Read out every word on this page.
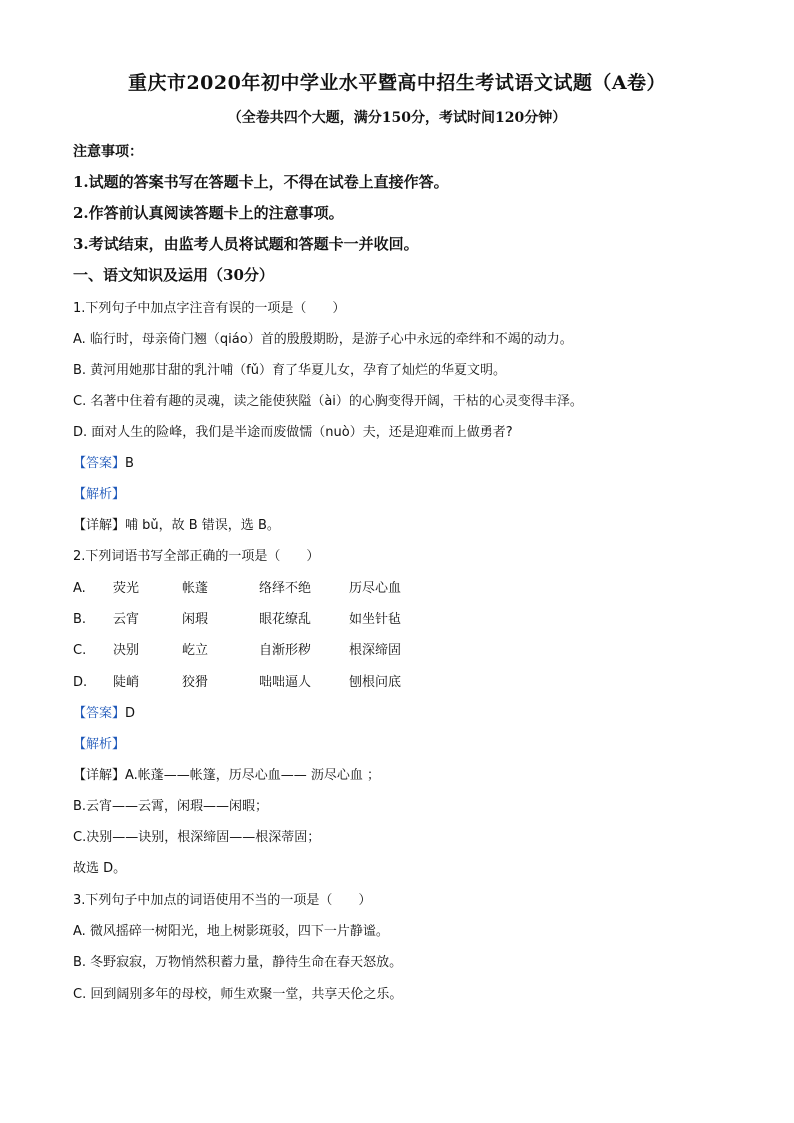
重庆市2020年初中学业水平暨高中招生考试语文试题（A卷）
（全卷共四个大题，满分150分，考试时间120分钟）
注意事项：
1.试题的答案书写在答题卡上，不得在试卷上直接作答。
2.作答前认真阅读答题卡上的注意事项。
3.考试结束，由监考人员将试题和答题卡一并收回。
一、语文知识及运用（30分）
1.下列句子中加点字注音有误的一项是（　　）
A. 临行时，母亲倚门翘（qiáo）首的殷殷期盼，是游子心中永远的牵绊和不竭的动力。
B. 黄河用她那甘甜的乳汁哺（fǔ）育了华夏儿女，孕育了灿烂的华夏文明。
C. 名著中住着有趣的灵魂，读之能使狭隘（ài）的心胸变得开阔，干枯的心灵变得丰泽。
D. 面对人生的险峰，我们是半途而废做懦（nuò）夫，还是迎难而上做勇者?
【答案】B
【解析】
【详解】哺 bǔ，故 B 错误，选 B。
2.下列词语书写全部正确的一项是（　　）
A. 荧光	帐蓬	络绎不绝	历尽心血
B. 云宵	闲瑕	眼花缭乱	如坐针毡
C. 决别	屹立	自渐形秽	根深缔固
D. 陡峭	狡猾	咄咄逼人	刨根问底
【答案】D
【解析】
【详解】A.帐蓬——帐篷，历尽心血—— 沥尽心血 ；
B.云宵——云霄，闲瑕——闲暇；
C.决别——诀别，根深缔固——根深蒂固；
故选 D。
3.下列句子中加点的词语使用不当的一项是（　　）
A. 微风摇碎一树阳光，地上树影斑驳，四下一片静谧。
B. 冬野寂寂，万物悄然积蓄力量，静待生命在春天怒放。
C. 回到阔别多年的母校，师生欢聚一堂，共享天伦之乐。
